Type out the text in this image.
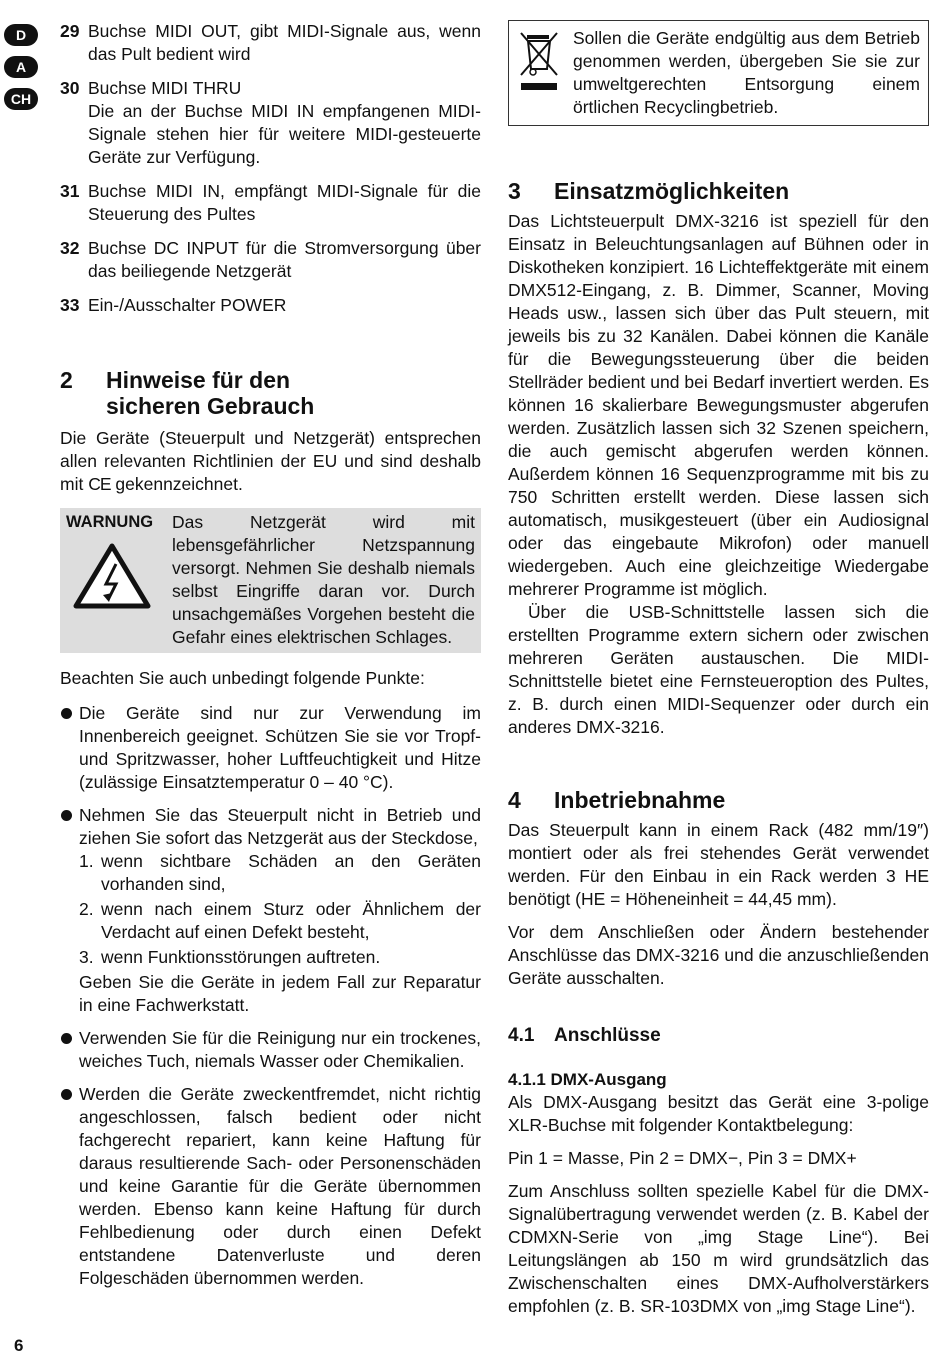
D
A
CH
29 Buchse MIDI OUT, gibt MIDI-Signale aus, wenn das Pult bedient wird
30 Buchse MIDI THRU
Die an der Buchse MIDI IN empfangenen MIDI-Signale stehen hier für weitere MIDI-gesteuerte Geräte zur Verfügung.
31 Buchse MIDI IN, empfängt MIDI-Signale für die Steuerung des Pultes
32 Buchse DC INPUT für die Stromversorgung über das beiliegende Netzgerät
33 Ein-/Ausschalter POWER
2	Hinweise für den
sicheren Gebrauch

Die Geräte (Steuerpult und Netzgerät) entsprechen allen relevanten Richtlinien der EU und sind deshalb mit CE gekennzeichnet.

WARNUNG	Das Netzgerät wird mit lebensgefährlicher Netzspannung versorgt. Nehmen Sie deshalb niemals selbst Eingriffe daran vor. Durch unsachgemäßes Vorgehen besteht die Gefahr eines elektrischen Schlages.

Beachten Sie auch unbedingt folgende Punkte:

Die Geräte sind nur zur Verwendung im Innenbereich geeignet. Schützen Sie sie vor Tropf- und Spritzwasser, hoher Luftfeuchtigkeit und Hitze (zulässige Einsatztemperatur 0 – 40 °C).
Nehmen Sie das Steuerpult nicht in Betrieb und ziehen Sie sofort das Netzgerät aus der Steckdose,
1. wenn sichtbare Schäden an den Geräten vorhanden sind,
2. wenn nach einem Sturz oder Ähnlichem der Verdacht auf einen Defekt besteht,
3. wenn Funktionsstörungen auftreten.
Geben Sie die Geräte in jedem Fall zur Reparatur in eine Fachwerkstatt.
Verwenden Sie für die Reinigung nur ein trockenes, weiches Tuch, niemals Wasser oder Chemikalien.
Werden die Geräte zweckentfremdet, nicht richtig angeschlossen, falsch bedient oder nicht fachgerecht repariert, kann keine Haftung für daraus resultierende Sach- oder Personenschäden und keine Garantie für die Geräte übernommen werden. Ebenso kann keine Haftung für durch Fehlbedienung oder durch einen Defekt entstandene Datenverluste und deren Folgeschäden übernommen werden.
Sollen die Geräte endgültig aus dem Betrieb genommen werden, übergeben Sie sie zur umweltgerechten Entsorgung einem örtlichen Recyclingbetrieb.
3	Einsatzmöglichkeiten

Das Lichtsteuerpult DMX-3216 ist speziell für den Einsatz in Beleuchtungsanlagen auf Bühnen oder in Diskotheken konzipiert. 16 Lichteffektgeräte mit einem DMX512-Eingang, z. B. Dimmer, Scanner, Moving Heads usw., lassen sich über das Pult steuern, mit jeweils bis zu 32 Kanälen. Dabei können die Kanäle für die Bewegungssteuerung über die beiden Stellräder bedient und bei Bedarf invertiert werden. Es können 16 skalierbare Bewegungsmuster abgerufen werden. Zusätzlich lassen sich 32 Szenen speichern, die auch gemischt abgerufen werden können. Außerdem können 16 Sequenzprogramme mit bis zu 750 Schritten erstellt werden. Diese lassen sich automatisch, musikgesteuert (über ein Audiosignal oder das eingebaute Mikrofon) oder manuell wiedergeben. Auch eine gleichzeitige Wiedergabe mehrerer Programme ist möglich.

Über die USB-Schnittstelle lassen sich die erstellten Programme extern sichern oder zwischen mehreren Geräten austauschen. Die MIDI-Schnittstelle bietet eine Fernsteueroption des Pultes, z. B. durch einen MIDI-Sequenzer oder durch ein anderes DMX-3216.

4	Inbetriebnahme

Das Steuerpult kann in einem Rack (482 mm/19″) montiert oder als frei stehendes Gerät verwendet werden. Für den Einbau in ein Rack werden 3 HE benötigt (HE = Höheneinheit = 44,45 mm).

Vor dem Anschließen oder Ändern bestehender Anschlüsse das DMX-3216 und die anzuschließenden Geräte ausschalten.

4.1	Anschlüsse
4.1.1 DMX-Ausgang

Als DMX-Ausgang besitzt das Gerät eine 3-polige XLR-Buchse mit folgender Kontaktbelegung:

Pin 1 = Masse, Pin 2 = DMX−, Pin 3 = DMX+

Zum Anschluss sollten spezielle Kabel für die DMX-Signalübertragung verwendet werden (z. B. Kabel der CDMXN-Serie von „img Stage Line“). Bei Leitungslängen ab 150 m wird grundsätzlich das Zwischenschalten eines DMX-Aufholverstärkers empfohlen (z. B. SR-103DMX von „img Stage Line“).

6
